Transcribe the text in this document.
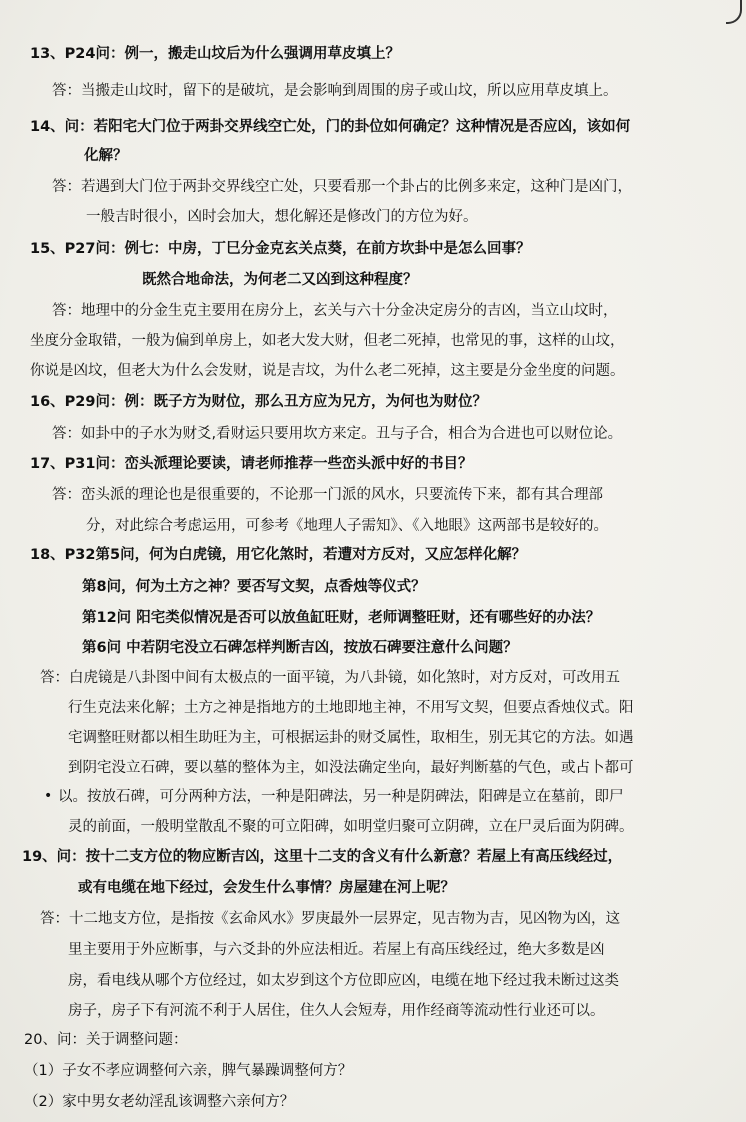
13、P24问：例一，搬走山坟后为什么强调用草皮填上？
答：当搬走山坟时，留下的是破坑，是会影响到周围的房子或山坟，所以应用草皮填上。
14、问：若阳宅大门位于两卦交界线空亡处，门的卦位如何确定？这种情况是否应凶，该如何
化解？
答：若遇到大门位于两卦交界线空亡处，只要看那一个卦占的比例多来定，这种门是凶门，
一般吉时很小，凶时会加大，想化解还是修改门的方位为好。
15、P27问：例七：中房，丁巳分金克玄关点葵，在前方坎卦中是怎么回事？
既然合地命法，为何老二又凶到这种程度？
答：地理中的分金生克主要用在房分上，玄关与六十分金决定房分的吉凶，当立山坟时，
坐度分金取错，一般为偏到单房上，如老大发大财，但老二死掉，也常见的事，这样的山坟，
你说是凶坟，但老大为什么会发财，说是吉坟，为什么老二死掉，这主要是分金坐度的问题。
16、P29问：例：既子方为财位，那么丑方应为兄方，为何也为财位？
答：如卦中的子水为财爻,看财运只要用坎方来定。丑与子合，相合为合进也可以财位论。
17、P31问：峦头派理论要读，请老师推荐一些峦头派中好的书目？
答：峦头派的理论也是很重要的，不论那一门派的风水，只要流传下来，都有其合理部
分，对此综合考虑运用，可参考《地理人子需知》、《入地眼》这两部书是较好的。
18、P32第5问，何为白虎镜，用它化煞时，若遭对方反对，又应怎样化解？
第8问，何为土方之神？要否写文契，点香烛等仪式？
第12问 阳宅类似情况是否可以放鱼缸旺财，老师调整旺财，还有哪些好的办法？
第6问 中若阴宅没立石碑怎样判断吉凶，按放石碑要注意什么问题？
答：白虎镜是八卦图中间有太极点的一面平镜，为八卦镜，如化煞时，对方反对，可改用五
行生克法来化解；土方之神是指地方的土地即地主神，不用写文契，但要点香烛仪式。阳
宅调整旺财都以相生助旺为主，可根据运卦的财爻属性，取相生，别无其它的方法。如遇
到阴宅没立石碑，要以墓的整体为主，如没法确定坐向，最好判断墓的气色，或占卜都可
• 以。按放石碑，可分两种方法，一种是阳碑法，另一种是阴碑法，阳碑是立在墓前，即尸
灵的前面，一般明堂散乱不聚的可立阳碑，如明堂归聚可立阴碑，立在尸灵后面为阴碑。
19、问：按十二支方位的物应断吉凶，这里十二支的含义有什么新意？若屋上有高压线经过，
或有电缆在地下经过，会发生什么事情？房屋建在河上呢？
答：十二地支方位，是指按《玄命风水》罗庚最外一层界定，见吉物为吉，见凶物为凶，这
里主要用于外应断事，与六爻卦的外应法相近。若屋上有高压线经过，绝大多数是凶
房，看电线从哪个方位经过，如太岁到这个方位即应凶，电缆在地下经过我未断过这类
房子，房子下有河流不利于人居住，住久人会短寿，用作经商等流动性行业还可以。
20、问：关于调整问题：
（1）子女不孝应调整何六亲，脾气暴躁调整何方？
（2）家中男女老幼淫乱该调整六亲何方？
